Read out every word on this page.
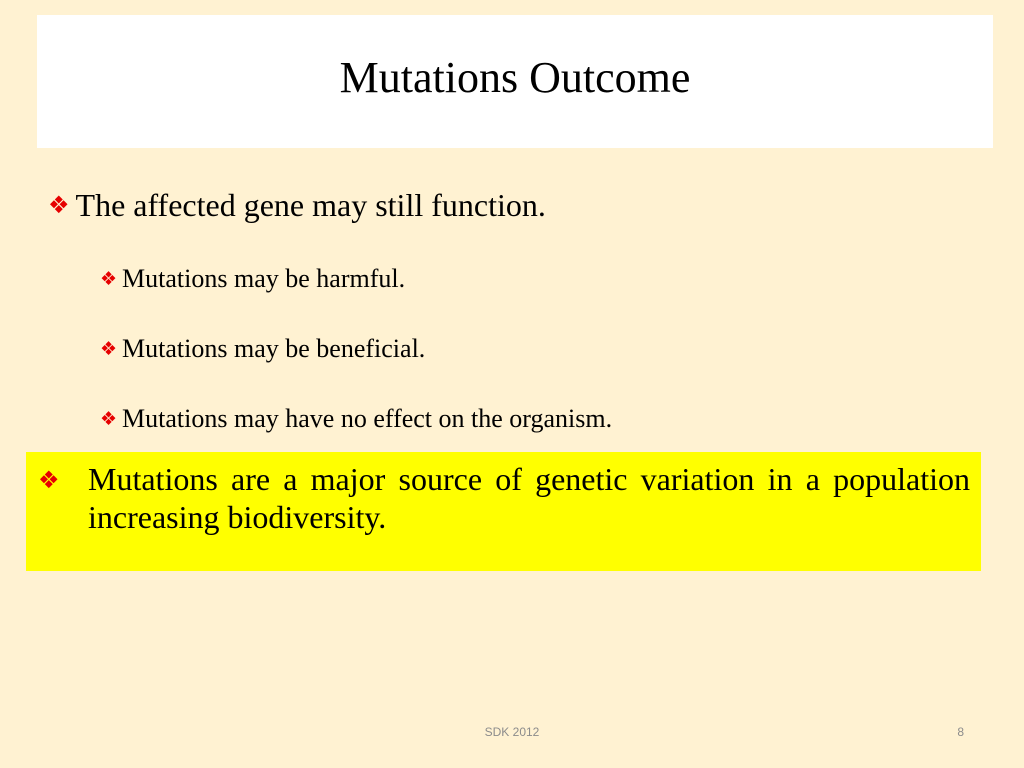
Mutations Outcome
❖ The affected gene may still function.
❖ Mutations may be harmful.
❖ Mutations may be beneficial.
❖ Mutations may have no effect on the organism.
❖ Mutations are a major source of genetic variation in a population increasing biodiversity.
SDK 2012	8
